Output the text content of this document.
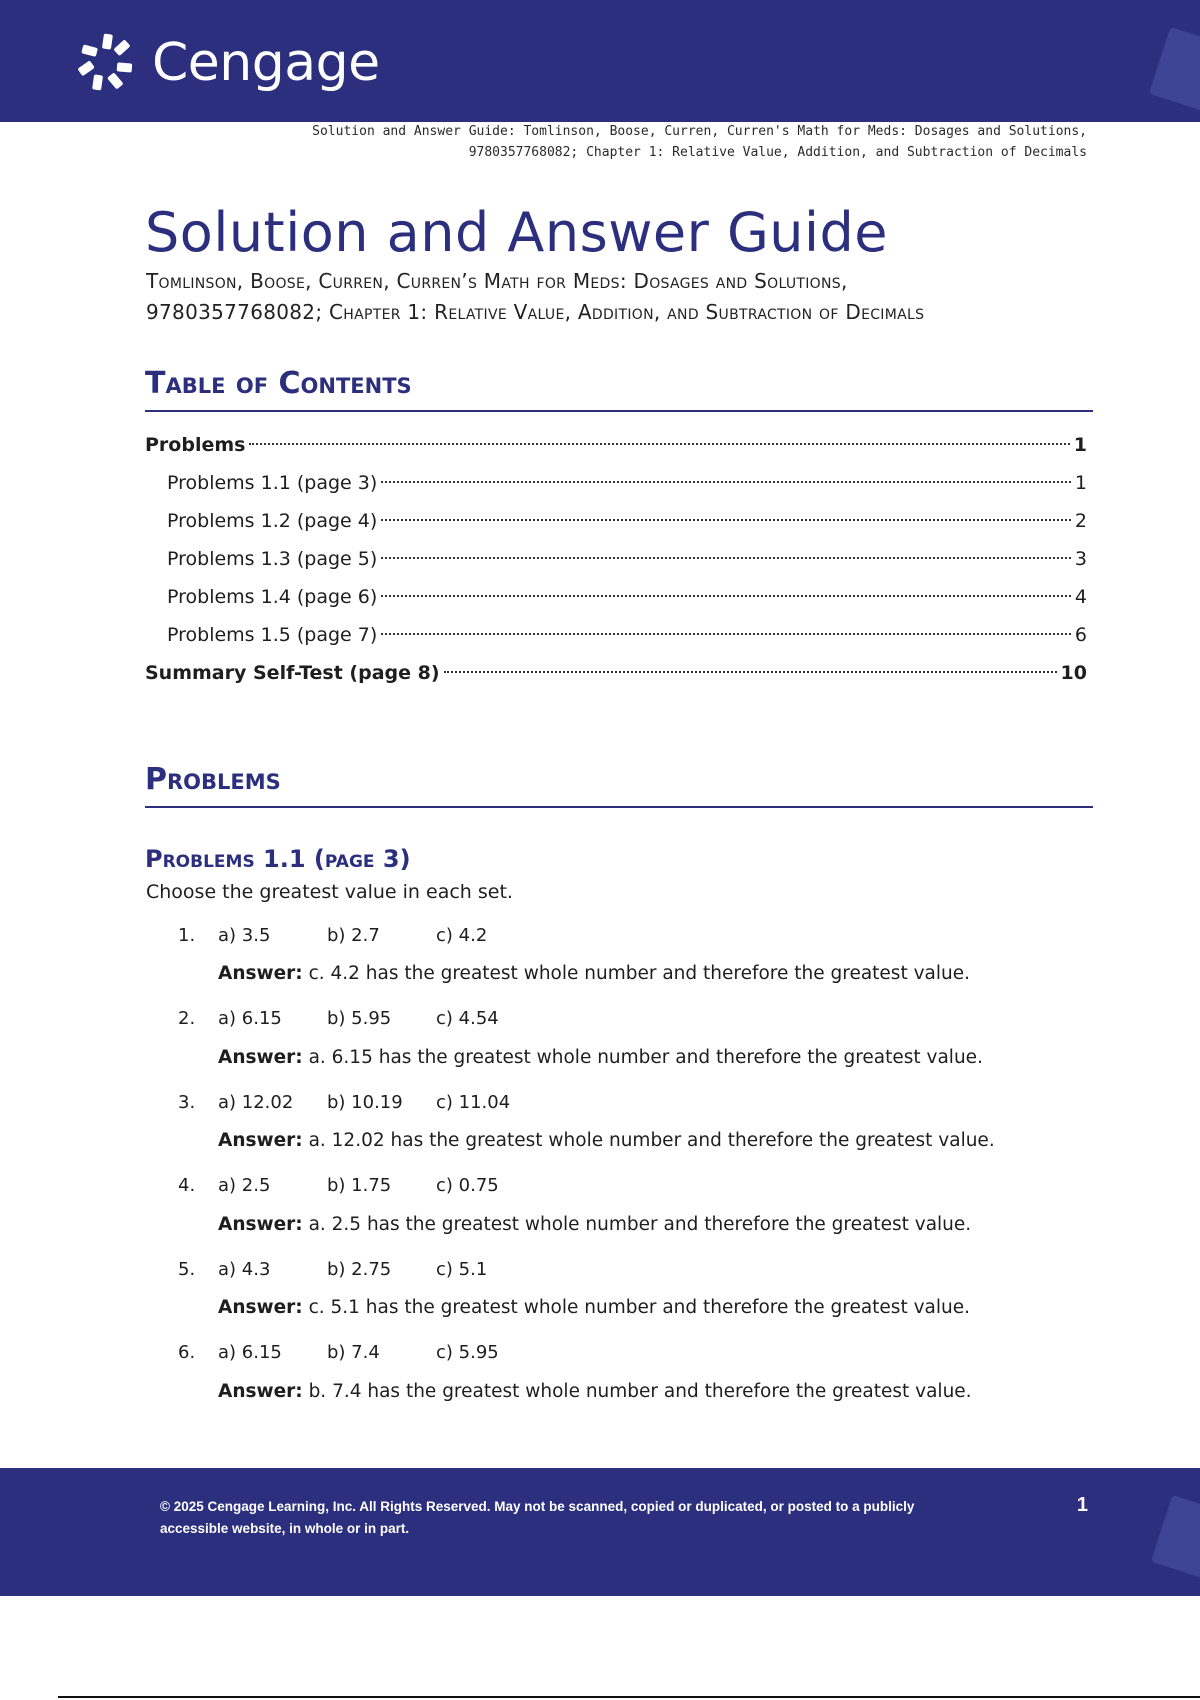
Cengage
Solution and Answer Guide: Tomlinson, Boose, Curren, Curren's Math for Meds: Dosages and Solutions,
9780357768082; Chapter 1: Relative Value, Addition, and Subtraction of Decimals
Solution and Answer Guide
Tomlinson, Boose, Curren, Curren’s Math for Meds: Dosages and Solutions,
9780357768082; Chapter 1: Relative Value, Addition, and Subtraction of Decimals
Table of Contents
Problems	1
Problems 1.1 (page 3)	1
Problems 1.2 (page 4)	2
Problems 1.3 (page 5)	3
Problems 1.4 (page 6)	4
Problems 1.5 (page 7)	6
Summary Self-Test (page 8)	10
Problems
Problems 1.1 (page 3)
Choose the greatest value in each set.
1.	a) 3.5	b) 2.7	c) 4.2
Answer: c. 4.2 has the greatest whole number and therefore the greatest value.
2.	a) 6.15	b) 5.95	c) 4.54
Answer: a. 6.15 has the greatest whole number and therefore the greatest value.
3.	a) 12.02	b) 10.19	c) 11.04
Answer: a. 12.02 has the greatest whole number and therefore the greatest value.
4.	a) 2.5	b) 1.75	c) 0.75
Answer: a. 2.5 has the greatest whole number and therefore the greatest value.
5.	a) 4.3	b) 2.75	c) 5.1
Answer: c. 5.1 has the greatest whole number and therefore the greatest value.
6.	a) 6.15	b) 7.4	c) 5.95
Answer: b. 7.4 has the greatest whole number and therefore the greatest value.
© 2025 Cengage Learning, Inc. All Rights Reserved. May not be scanned, copied or duplicated, or posted to a publicly
accessible website, in whole or in part.
1
